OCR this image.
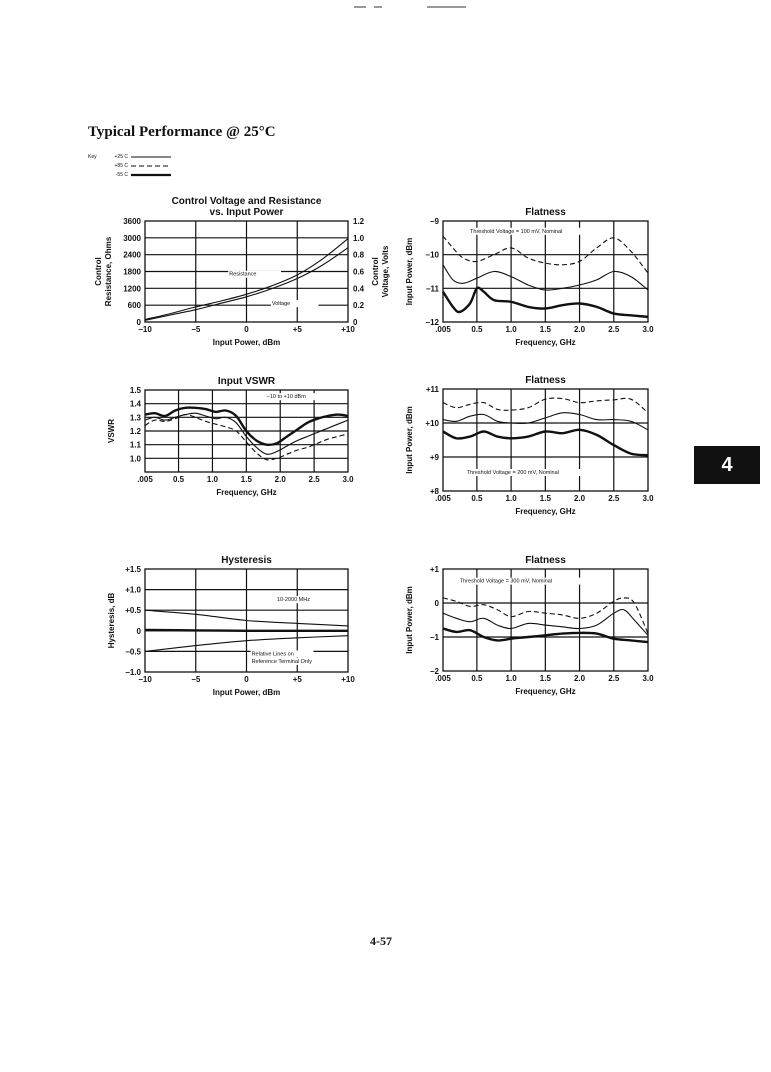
Typical Performance @ 25°C
Key	+25 C
+85 C
-55 C
Control Voltage and Resistance
vs. Input Power
−10	−5	0	+5	+10
0
600
1200
1800
2400
3000
3600
0
0.2
0.4
0.6
0.8
1.0
1.2
Input Power, dBm
Control Resistance, Ohms	Control Voltage, Volts
Resistance
Voltage
Flatness
.005	0.5	1.0	1.5	2.0	2.5	3.0
−12
−11
−10
−9
Frequency, GHz
Input Power, dBm
Threshold Voltage = 100 mV, Nominal
Input VSWR
.005	0.5	1.0	1.5	2.0	2.5	3.0
1.0
1.1
1.2
1.3
1.4
1.5
Frequency, GHz
VSWR
−10 to +10 dBm
Flatness
.005	0.5	1.0	1.5	2.0	2.5	3.0
+8
+9
+10
+11
Frequency, GHz
Input Power, dBm	Threshold Voltage = 200 mV, Nominal
Hysteresis
−10	−5	0	+5	+10
−1.0
−0.5
0
+0.5
+1.0
+1.5
Input Power, dBm
Hysteresis, dB	10-2000 MHz
Relative Lines on
Reference Terminal Only
Flatness
.005	0.5	1.0	1.5	2.0	2.5	3.0
−2
−1
0
+1
Frequency, GHz
Input Power, dBm
Threshold Voltage = 300 mV, Nominal
4
4-57
